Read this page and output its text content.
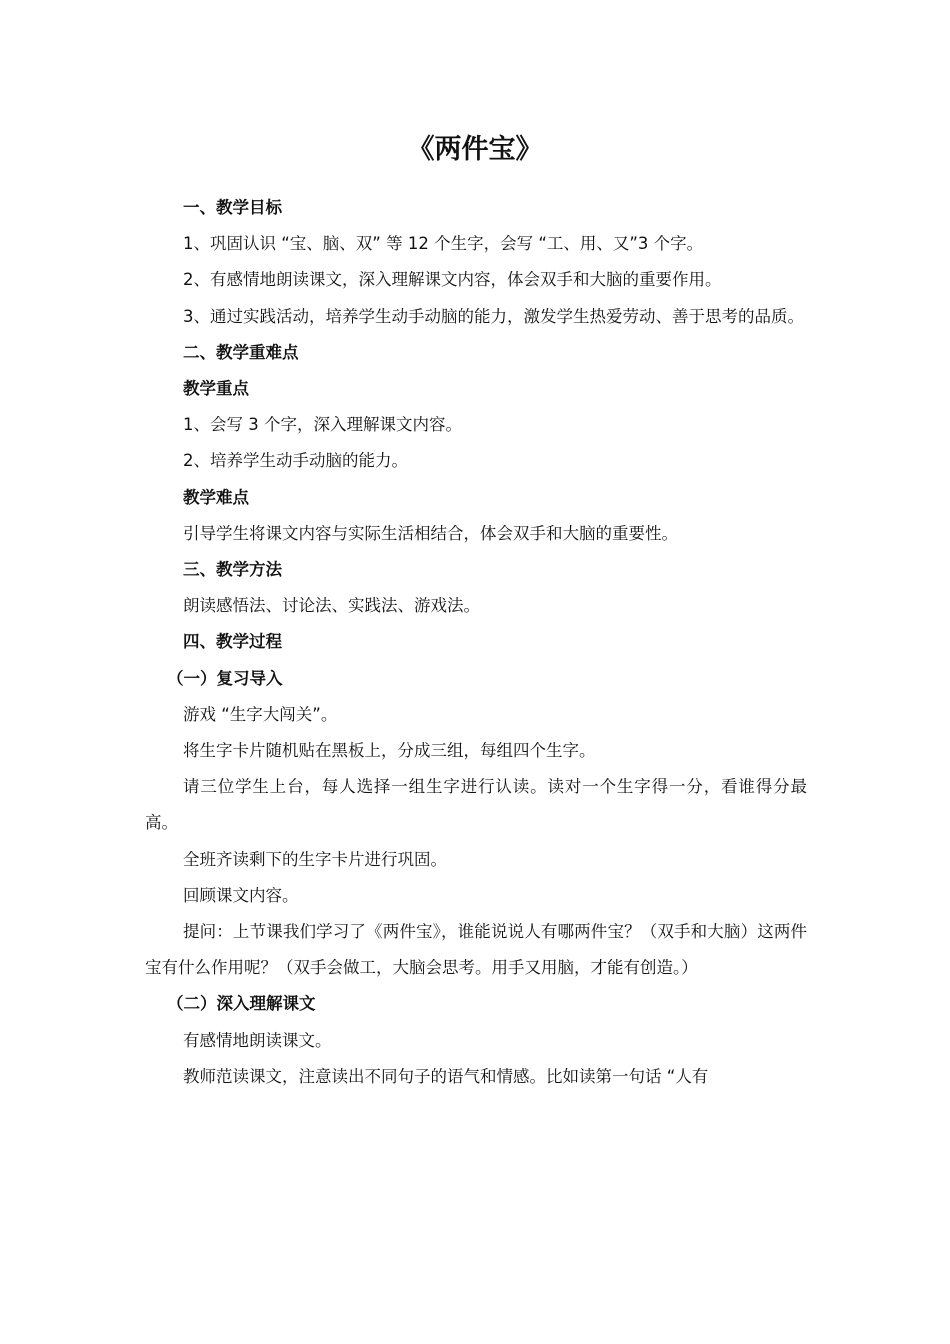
《两件宝》

一、教学目标

1、巩固认识 “宝、脑、双” 等 12 个生字，会写 “工、用、又”3 个字。

2、有感情地朗读课文，深入理解课文内容，体会双手和大脑的重要作用。

3、通过实践活动，培养学生动手动脑的能力，激发学生热爱劳动、善于思考的品质。

二、教学重难点

教学重点

1、会写 3 个字，深入理解课文内容。

2、培养学生动手动脑的能力。

教学难点

引导学生将课文内容与实际生活相结合，体会双手和大脑的重要性。

三、教学方法

朗读感悟法、讨论法、实践法、游戏法。

四、教学过程

（一）复习导入

游戏 “生字大闯关”。

将生字卡片随机贴在黑板上，分成三组，每组四个生字。

请三位学生上台，每人选择一组生字进行认读。读对一个生字得一分，看谁得分最高。

全班齐读剩下的生字卡片进行巩固。

回顾课文内容。

提问：上节课我们学习了《两件宝》，谁能说说人有哪两件宝？（双手和大脑）这两件宝有什么作用呢？（双手会做工，大脑会思考。用手又用脑，才能有创造。）

（二）深入理解课文

有感情地朗读课文。

教师范读课文，注意读出不同句子的语气和情感。比如读第一句话 “人有
